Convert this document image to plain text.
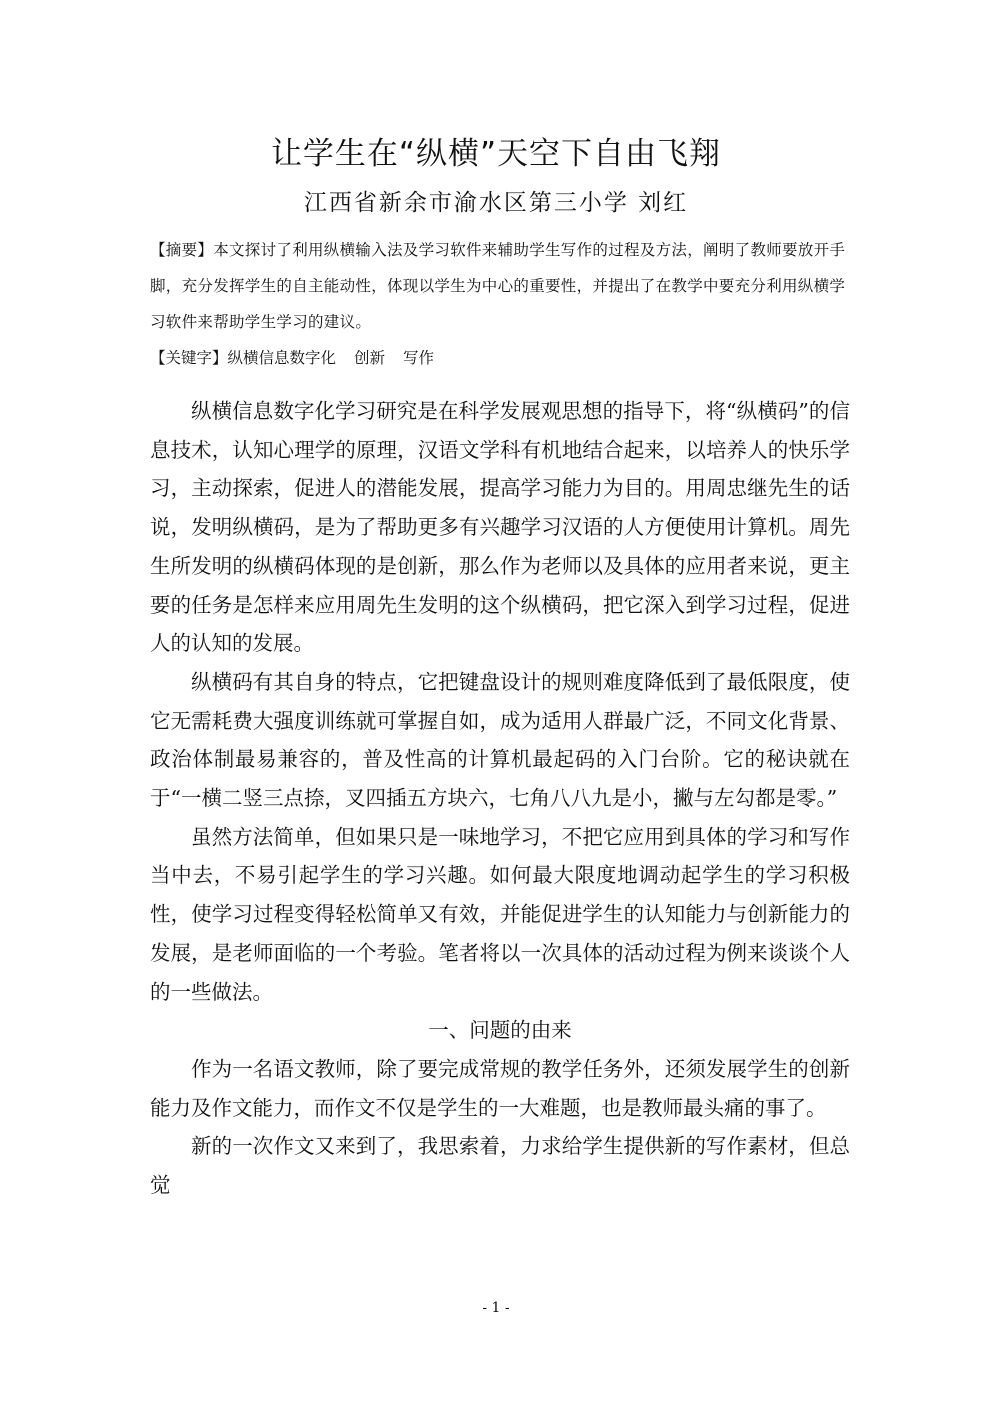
让学生在“纵横”天空下自由飞翔
江西省新余市渝水区第三小学 刘红
【摘要】本文探讨了利用纵横输入法及学习软件来辅助学生写作的过程及方法，阐明了教师要放开手脚，充分发挥学生的自主能动性，体现以学生为中心的重要性，并提出了在教学中要充分利用纵横学习软件来帮助学生学习的建议。
【关键字】纵横信息数字化 创新 写作

纵横信息数字化学习研究是在科学发展观思想的指导下，将“纵横码”的信息技术，认知心理学的原理，汉语文学科有机地结合起来，以培养人的快乐学习，主动探索，促进人的潜能发展，提高学习能力为目的。用周忠继先生的话说，发明纵横码，是为了帮助更多有兴趣学习汉语的人方便使用计算机。周先生所发明的纵横码体现的是创新，那么作为老师以及具体的应用者来说，更主要的任务是怎样来应用周先生发明的这个纵横码，把它深入到学习过程，促进人的认知的发展。

纵横码有其自身的特点，它把键盘设计的规则难度降低到了最低限度，使它无需耗费大强度训练就可掌握自如，成为适用人群最广泛，不同文化背景、政治体制最易兼容的，普及性高的计算机最起码的入门台阶。它的秘诀就在于“一横二竖三点捺，叉四插五方块六，七角八八九是小，撇与左勾都是零。”

虽然方法简单，但如果只是一味地学习，不把它应用到具体的学习和写作当中去，不易引起学生的学习兴趣。如何最大限度地调动起学生的学习积极性，使学习过程变得轻松简单又有效，并能促进学生的认知能力与创新能力的发展，是老师面临的一个考验。笔者将以一次具体的活动过程为例来谈谈个人的一些做法。

一、问题的由来

作为一名语文教师，除了要完成常规的教学任务外，还须发展学生的创新能力及作文能力，而作文不仅是学生的一大难题，也是教师最头痛的事了。

新的一次作文又来到了，我思索着，力求给学生提供新的写作素材，但总觉

- 1 -
